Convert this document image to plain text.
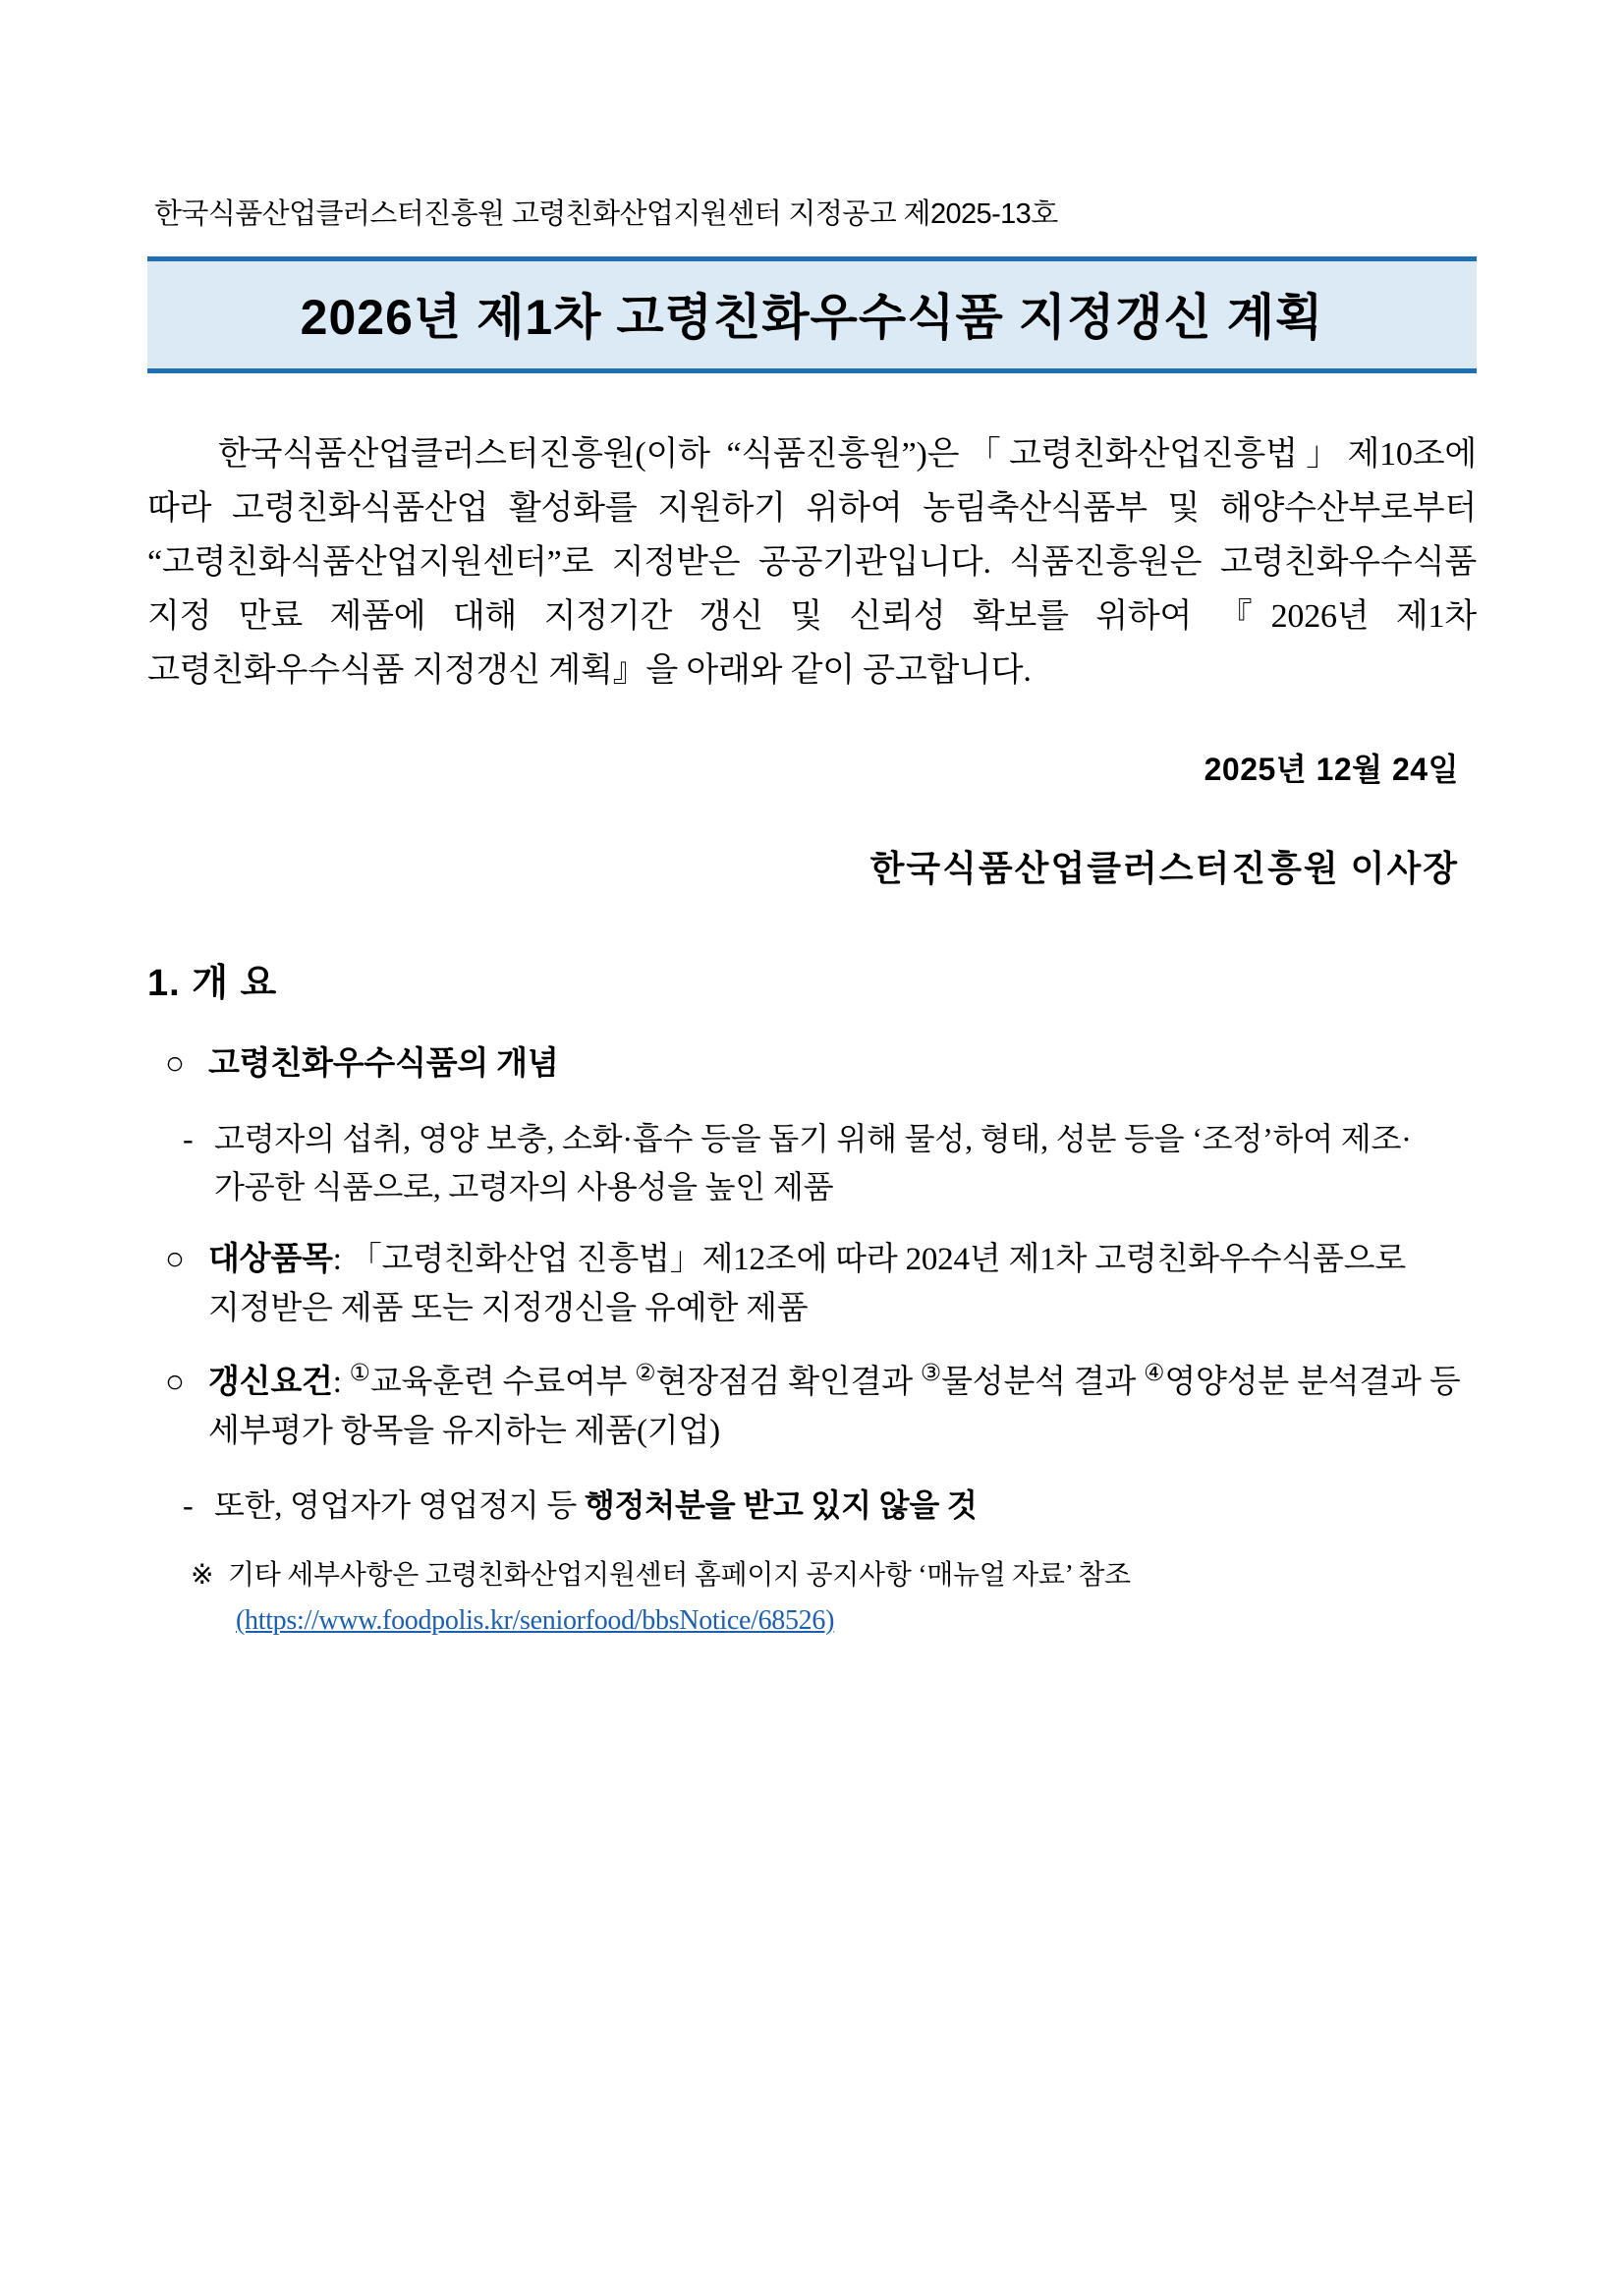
한국식품산업클러스터진흥원 고령친화산업지원센터 지정공고 제2025-13호
2026년 제1차 고령친화우수식품 지정갱신 계획

한국식품산업클러스터진흥원(이하 “식품진흥원”)은「고령친화산업진흥법」제10조에 따라 고령친화식품산업 활성화를 지원하기 위하여 농림축산식품부 및 해양수산부로부터 “고령친화식품산업지원센터”로 지정받은 공공기관입니다. 식품진흥원은 고령친화우수식품 지정 만료 제품에 대해 지정기간 갱신 및 신뢰성 확보를 위하여 『2026년 제1차 고령친화우수식품 지정갱신 계획』을 아래와 같이 공고합니다.

2025년 12월 24일
한국식품산업클러스터진흥원 이사장
1. 개 요
○ 고령친화우수식품의 개념
- 고령자의 섭취, 영양 보충, 소화·흡수 등을 돕기 위해 물성, 형태, 성분 등을 ‘조정’하여 제조·가공한 식품으로, 고령자의 사용성을 높인 제품
○ 대상품목: 「고령친화산업 진흥법」제12조에 따라 2024년 제1차 고령친화우수식품으로 지정받은 제품 또는 지정갱신을 유예한 제품
○ 갱신요건: ①교육훈련 수료여부 ②현장점검 확인결과 ③물성분석 결과 ④영양성분 분석결과 등 세부평가 항목을 유지하는 제품(기업)
- 또한, 영업자가 영업정지 등 행정처분을 받고 있지 않을 것
※ 기타 세부사항은 고령친화산업지원센터 홈페이지 공지사항 ‘매뉴얼 자료’ 참조
(https://www.foodpolis.kr/seniorfood/bbsNotice/68526)
